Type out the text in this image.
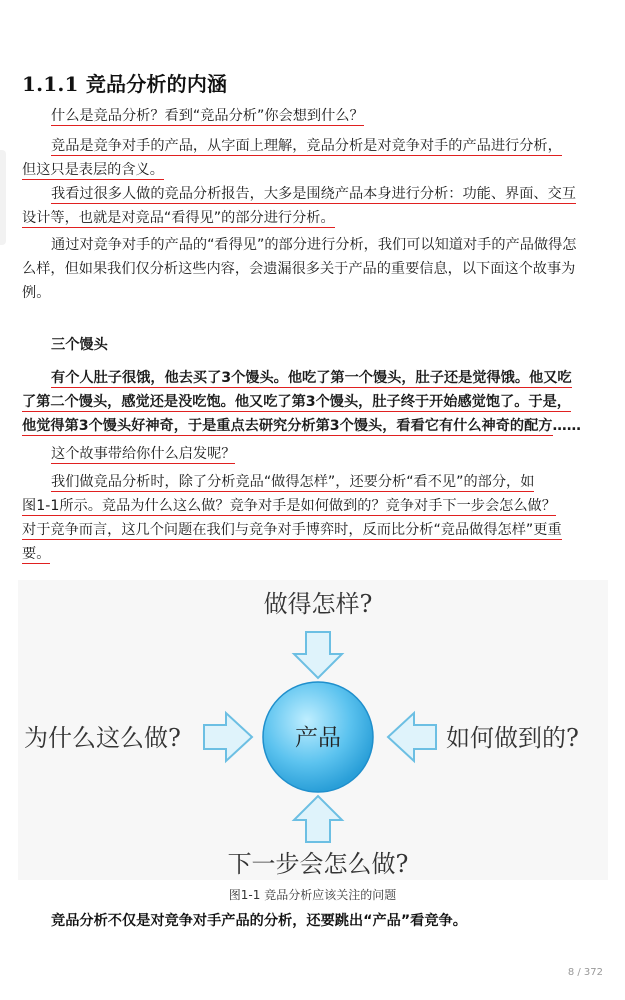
1.1.1 竞品分析的内涵
什么是竞品分析？看到“竞品分析”你会想到什么？
竞品是竞争对手的产品，从字面上理解，竞品分析是对竞争对手的产品进行分析，
但这只是表层的含义。
我看过很多人做的竞品分析报告，大多是围绕产品本身进行分析：功能、界面、交互
设计等，也就是对竞品“看得见”的部分进行分析。
通过对竞争对手的产品的“看得见”的部分进行分析，我们可以知道对手的产品做得怎
么样，但如果我们仅分析这些内容，会遗漏很多关于产品的重要信息，以下面这个故事为
例。
三个馒头
有个人肚子很饿，他去买了3个馒头。他吃了第一个馒头，肚子还是觉得饿。他又吃
了第二个馒头，感觉还是没吃饱。他又吃了第3个馒头，肚子终于开始感觉饱了。于是，
他觉得第3个馒头好神奇，于是重点去研究分析第3个馒头，看看它有什么神奇的配方……
这个故事带给你什么启发呢？
我们做竞品分析时，除了分析竞品“做得怎样”，还要分析“看不见”的部分，如
图1-1所示。竞品为什么这么做？竞争对手是如何做到的？竞争对手下一步会怎么做？
对于竞争而言，这几个问题在我们与竞争对手博弈时，反而比分析“竞品做得怎样”更重
要。
产品
做得怎样?
为什么这么做?	如何做到的?
下一步会怎么做?
图1-1 竞品分析应该关注的问题
竞品分析不仅是对竞争对手产品的分析，还要跳出“产品”看竞争。
8 / 372
